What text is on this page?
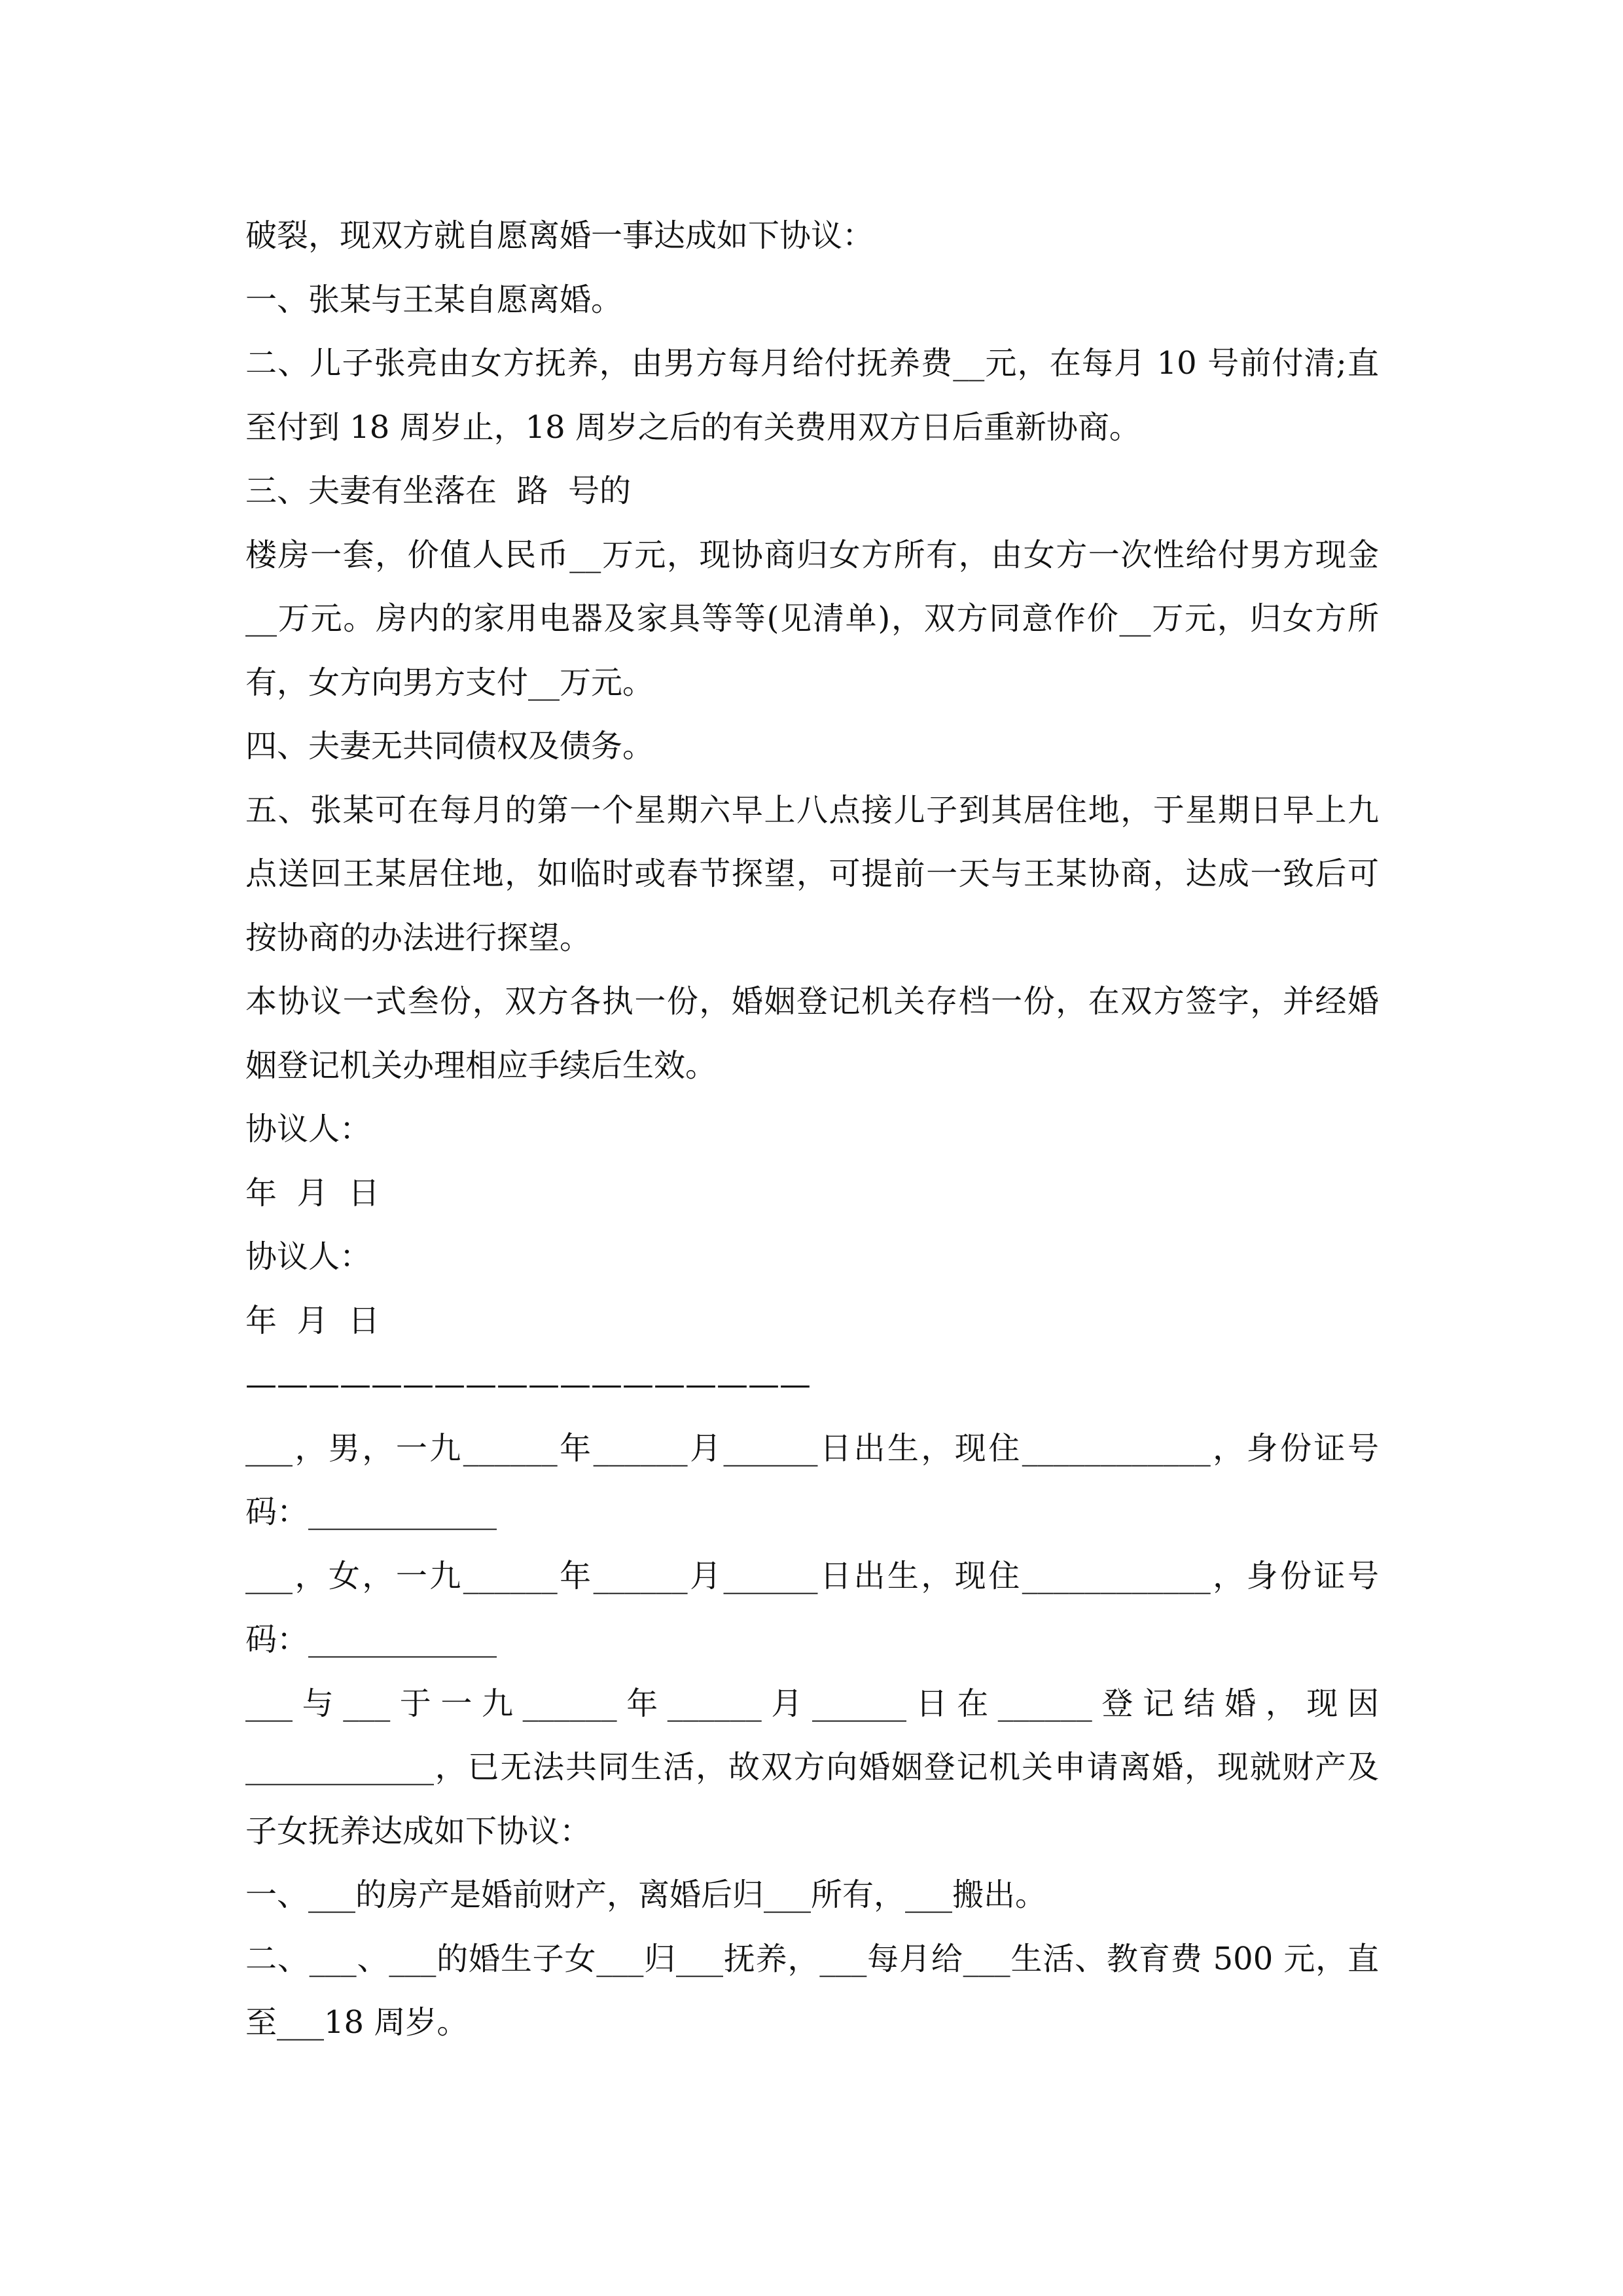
破裂，现双方就自愿离婚一事达成如下协议：
一、张某与王某自愿离婚。
二、儿子张亮由女方抚养，由男方每月给付抚养费__元，在每月 10 号前付清;直
至付到 18 周岁止，18 周岁之后的有关费用双方日后重新协商。
三、夫妻有坐落在  路  号的
楼房一套，价值人民币__万元，现协商归女方所有，由女方一次性给付男方现金
__万元。房内的家用电器及家具等等(见清单)，双方同意作价__万元，归女方所
有，女方向男方支付__万元。
四、夫妻无共同债权及债务。
五、张某可在每月的第一个星期六早上八点接儿子到其居住地，于星期日早上九
点送回王某居住地，如临时或春节探望，可提前一天与王某协商，达成一致后可
按协商的办法进行探望。
本协议一式叁份，双方各执一份，婚姻登记机关存档一份，在双方签字，并经婚
姻登记机关办理相应手续后生效。
协议人：
年  月  日
协议人：
年  月  日
——————————————————
___，男，一九______年______月______日出生，现住____________，身份证号
码：____________
___，女，一九______年______月______日出生，现住____________，身份证号
码：____________
___与___于一九______年______月______日在______登记结婚，现因
____________，已无法共同生活，故双方向婚姻登记机关申请离婚，现就财产及
子女抚养达成如下协议：
一、___的房产是婚前财产，离婚后归___所有，___搬出。
二、___、___的婚生子女___归___抚养，___每月给___生活、教育费 500 元，直
至___18 周岁。
